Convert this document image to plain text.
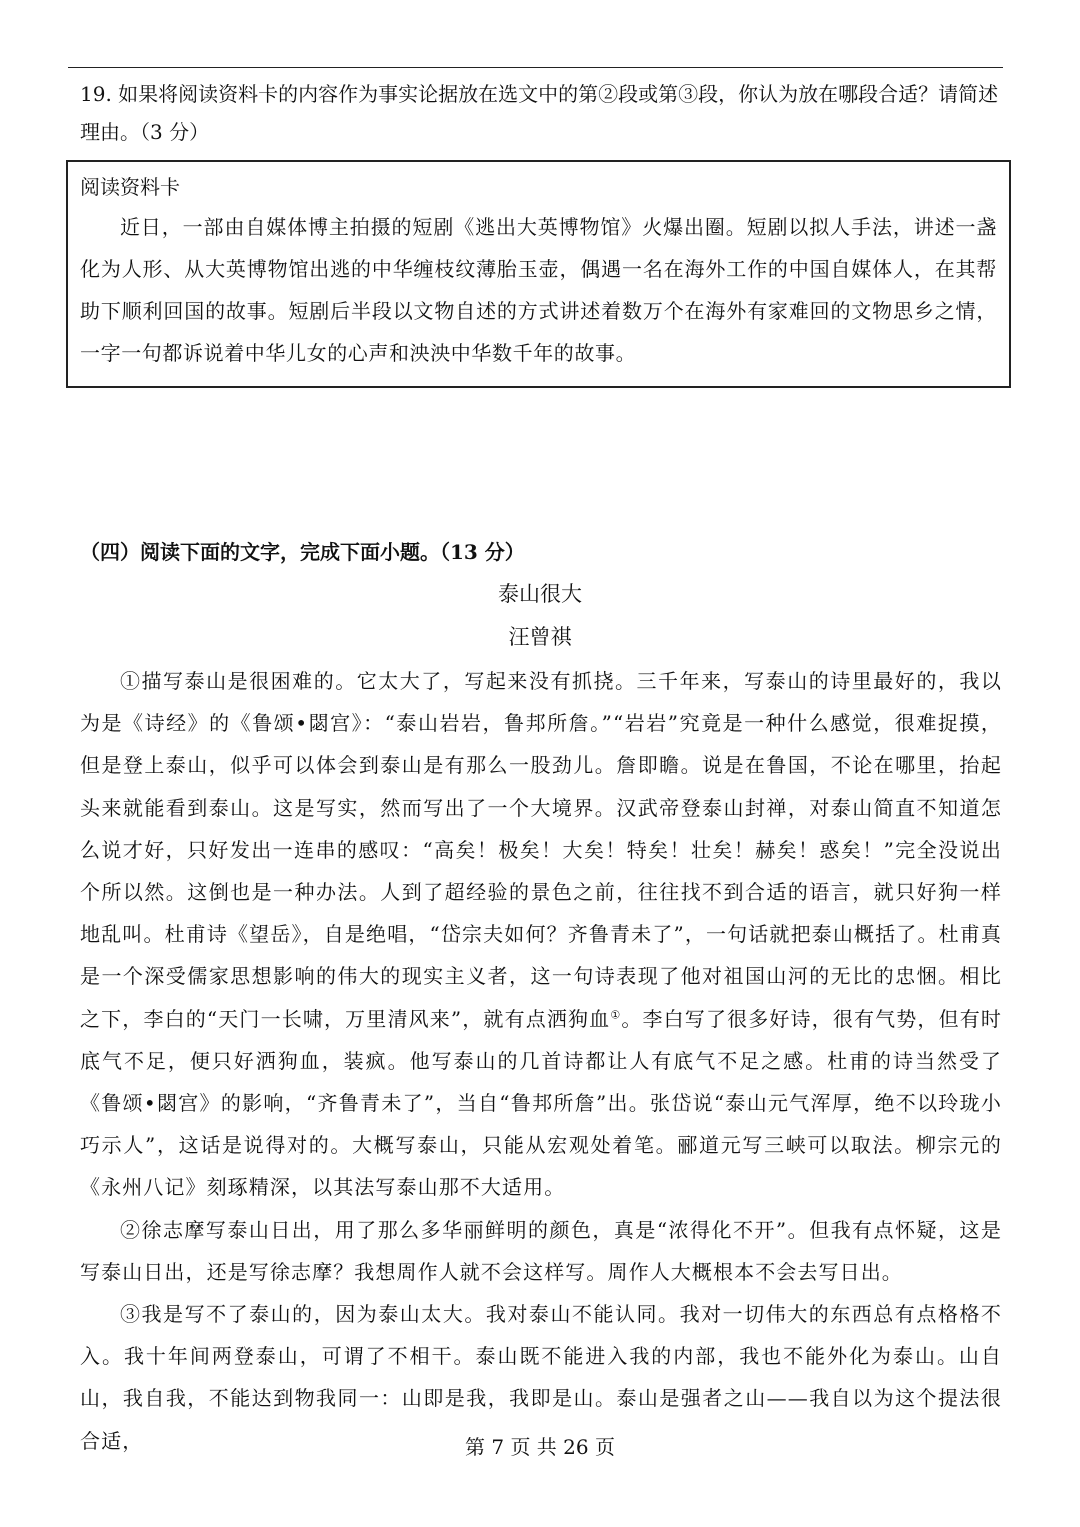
19. 如果将阅读资料卡的内容作为事实论据放在选文中的第②段或第③段，你认为放在哪段合适？请简述理由。（3 分）
阅读资料卡
近日，一部由自媒体博主拍摄的短剧《逃出大英博物馆》火爆出圈。短剧以拟人手法，讲述一盏化为人形、从大英博物馆出逃的中华缠枝纹薄胎玉壶，偶遇一名在海外工作的中国自媒体人，在其帮助下顺利回国的故事。短剧后半段以文物自述的方式讲述着数万个在海外有家难回的文物思乡之情，一字一句都诉说着中华儿女的心声和泱泱中华数千年的故事。
（四）阅读下面的文字，完成下面小题。（13 分）
泰山很大
汪曾祺

①描写泰山是很困难的。它太大了，写起来没有抓挠。三千年来，写泰山的诗里最好的，我以为是《诗经》的《鲁颂•閟宫》：“泰山岩岩，鲁邦所詹。”“岩岩”究竟是一种什么感觉，很难捉摸，但是登上泰山，似乎可以体会到泰山是有那么一股劲儿。詹即瞻。说是在鲁国，不论在哪里，抬起头来就能看到泰山。这是写实，然而写出了一个大境界。汉武帝登泰山封禅，对泰山简直不知道怎么说才好，只好发出一连串的感叹：“高矣！极矣！大矣！特矣！壮矣！赫矣！惑矣！”完全没说出个所以然。这倒也是一种办法。人到了超经验的景色之前，往往找不到合适的语言，就只好狗一样地乱叫。杜甫诗《望岳》，自是绝唱，“岱宗夫如何？齐鲁青未了”，一句话就把泰山概括了。杜甫真是一个深受儒家思想影响的伟大的现实主义者，这一句诗表现了他对祖国山河的无比的忠悃。相比之下，李白的“天门一长啸，万里清风来”，就有点洒狗血①。李白写了很多好诗，很有气势，但有时底气不足，便只好洒狗血，装疯。他写泰山的几首诗都让人有底气不足之感。杜甫的诗当然受了《鲁颂•閟宫》的影响，“齐鲁青未了”，当自“鲁邦所詹”出。张岱说“泰山元气浑厚，绝不以玲珑小巧示人”，这话是说得对的。大概写泰山，只能从宏观处着笔。郦道元写三峡可以取法。柳宗元的《永州八记》刻琢精深，以其法写泰山那不大适用。

②徐志摩写泰山日出，用了那么多华丽鲜明的颜色，真是“浓得化不开”。但我有点怀疑，这是写泰山日出，还是写徐志摩？我想周作人就不会这样写。周作人大概根本不会去写日出。

③我是写不了泰山的，因为泰山太大。我对泰山不能认同。我对一切伟大的东西总有点格格不入。我十年间两登泰山，可谓了不相干。泰山既不能进入我的内部，我也不能外化为泰山。山自山，我自我，不能达到物我同一：山即是我，我即是山。泰山是强者之山——我自以为这个提法很合适，	第 7 页 共 26 页
